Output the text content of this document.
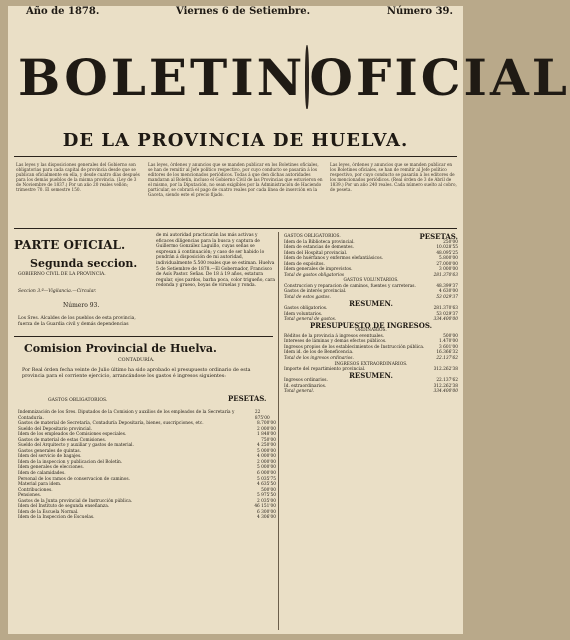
Año de 1878.	Viernes 6 de Setiembre.	Número 39.
BOLETIN OFICIAL
DE LA PROVINCIA DE HUELVA.
Las leyes y las disposiciones generales del Gobierno son obligatorias para cada capital de provincia desde que se publican oficialmente en ella, y desde cuatro días después para los demás pueblos de la misma provincia. (Ley de 3 de Noviembre de 1837.) Por un año 20 reales vellón; trimestre 70. El semestre 150.
Las leyes, órdenes y anuncios que se manden publicar en los Boletines oficiales, se han de remitir al Jefe político respectivo, por cuyo conducto se pasarán á los editores de los mencionados periódicos. Todas á que den dichas autoridades mandaran al Boletín, incluso el Gobierno Civil de las Provincias que estuvieron en el mismo, por la Diputación, no sean exigibles por la Administración de Haciendo particular, se cobrará el pago de cuatro reales por cada línea de inserción en la Gaceta, siendo este el precio fijado.
Las leyes, órdenes y anuncios que se manden publicar en los Boletines oficiales, se han de remitir al Jefe político respectivo, por cuyo conducto se pasarán á los editores de los mencionados periódicos. (Real órden de 3 de Abril de 1839.) Por un año 240 reales. Cada número suelto al cobro, de peseta.
PARTE OFICIAL.
Segunda seccion.
GOBIERNO CIVIL DE LA PROVINCIA.
Seccion 3.ª—Vigilancia.—Circular.
Número 93.
Los Sres. Alcaldes de los pueblos de esta provincia, fuerza de la Guardia civil y demás dependencias
de mi autoridad practicarán las más activas y eficaces diligencias para la busca y captura de Guillermo González Laguillo, cuyas señas se expresan á continuación; y caso de ser habido lo pondrán á disposición de mi autoridad, individualmente 5.500 reales que se estiman. Huelva 5 de Setiembre de 1878.—El Gobernador, Francisco de Asís Pastor. Señas. De 18 á 19 años, estatura regular, ojos pardos, barba poca, color trigueño, cara redonda y grueso, boyas de viruelas y ronda.
Comision Provincial de Huelva.
CONTADURÍA.
Por Real órden fecha veinte de Julio último ha sido aprobado el presupuesto ordinario de esta provincia para el corriente ejercicio, arrancándose los gastos é ingresos siguientes:
GASTOS OBLIGATORIOS.	PESETAS.
Indemnización de los Sres. Diputados de la Comision y auxilios de los empleados de la Secretaría y Contaduría.
22 875'00
Gastos de material de Secretaría, Contaduría Depositaría, bienes, suscripciones, etc.	8.700'00
Sueldo del Depositario provincial.	2 000'00
Idem de los empleados de Comisiones especiales.	1 848'00
Gastos de material de estas Comisiones.	750'00
Sueldo del Arquitecto y auxiliar y gastos de material.	4 250'00
Gastos generales de quintas.	5 000'00
Idem del servicio de bagajes.	4 000'00
Idem de la inspeccion y publicacion del Boletín.	2 000'00
Idem generales de elecciones.	5 000'00
Idem de calamidades.	6 000'00
Personal de los ramos de conservacion de caminos.	5 035'75
Material para idem.	4 635'50
Contribuciones.	500'00
Pensiones.	5 975'50
Gastos de la Junta provincial de Instrucción pública.	2 035'00
Idem del Instituto de segunda enseñanza.	46 151'00
Idem de la Escuela Normal.	6 300'00
Idem de la Inspeccion de Escuelas.	4 306'00
GASTOS OBLIGATORIOS.	PESETAS.
Idem de la Biblioteca provincial.	250'00
Idem de estancias de dementes.	10.028'55
Idem del Hospital provincial.	48.095'25
Idem de huérfanos y enfermos elefantiásicos.	5.800'00
Idem de expósitos.	27.000'00
Idem generales de imprevistos.	3 000'00
Total de gastos obligatorios	281.370'63
GASTOS VOLUNTARIOS.
Construccion y reparacion de caminos, fuentes y carreteras.	48.399'37
Gastos de interés provincial.	4 630'00
Total de estos gastos.	53 029'37
RESUMEN.
Gastos obligatorios.	281.370'63
Idem voluntarios.	53 029'37
Total general de gastos.	334.400'00
PRESUPUESTO DE INGRESOS.
ORDINARIOS.
Réditos de la provincia á ingresos eventuales.	500'00
Intereses de láminas y demás efectos públicos.	1.470'00
Ingresos propios de los establecimientos de Instrucción pública.	3 601'00
Idem id. de los de Beneficencia.	16.366'32
Total de los ingresos ordinarios.	22.137'62
INGRESOS EXTRAORDINARIOS.
Importe del repartimiento provincial.	312.262'38
RESUMEN.
Ingresos ordinarios.	22.137'62
Id. extraordinarios.	312.262'38
Total general.	334.400'00
